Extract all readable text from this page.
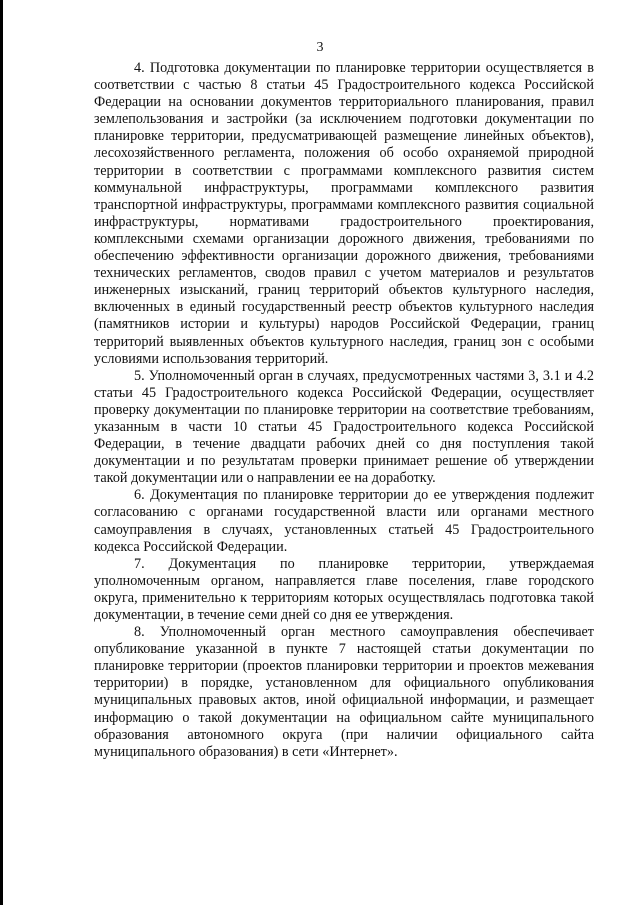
3

4. Подготовка документации по планировке территории осуществляется в соответствии с частью 8 статьи 45 Градостроительного кодекса Российской Федерации на основании документов территориального планирования, правил землепользования и застройки (за исключением подготовки документации по планировке территории, предусматривающей размещение линейных объектов), лесохозяйственного регламента, положения об особо охраняемой природной территории в соответствии с программами комплексного развития систем коммунальной инфраструктуры, программами комплексного развития транспортной инфраструктуры, программами комплексного развития социальной инфраструктуры, нормативами градостроительного проектирования, комплексными схемами организации дорожного движения, требованиями по обеспечению эффективности организации дорожного движения, требованиями технических регламентов, сводов правил с учетом материалов и результатов инженерных изысканий, границ территорий объектов культурного наследия, включенных в единый государственный реестр объектов культурного наследия (памятников истории и культуры) народов Российской Федерации, границ территорий выявленных объектов культурного наследия, границ зон с особыми условиями использования территорий.

5. Уполномоченный орган в случаях, предусмотренных частями 3, 3.1 и 4.2 статьи 45 Градостроительного кодекса Российской Федерации, осуществляет проверку документации по планировке территории на соответствие требованиям, указанным в части 10 статьи 45 Градостроительного кодекса Российской Федерации, в течение двадцати рабочих дней со дня поступления такой документации и по результатам проверки принимает решение об утверждении такой документации или о направлении ее на доработку.

6. Документация по планировке территории до ее утверждения подлежит согласованию с органами государственной власти или органами местного самоуправления в случаях, установленных статьей 45 Градостроительного кодекса Российской Федерации.

7. Документация по планировке территории, утверждаемая уполномоченным органом, направляется главе поселения, главе городского округа, применительно к территориям которых осуществлялась подготовка такой документации, в течение семи дней со дня ее утверждения.

8. Уполномоченный орган местного самоуправления обеспечивает опубликование указанной в пункте 7 настоящей статьи документации по планировке территории (проектов планировки территории и проектов межевания территории) в порядке, установленном для официального опубликования муниципальных правовых актов, иной официальной информации, и размещает информацию о такой документации на официальном сайте муниципального образования автономного округа (при наличии официального сайта муниципального образования) в сети «Интернет».
